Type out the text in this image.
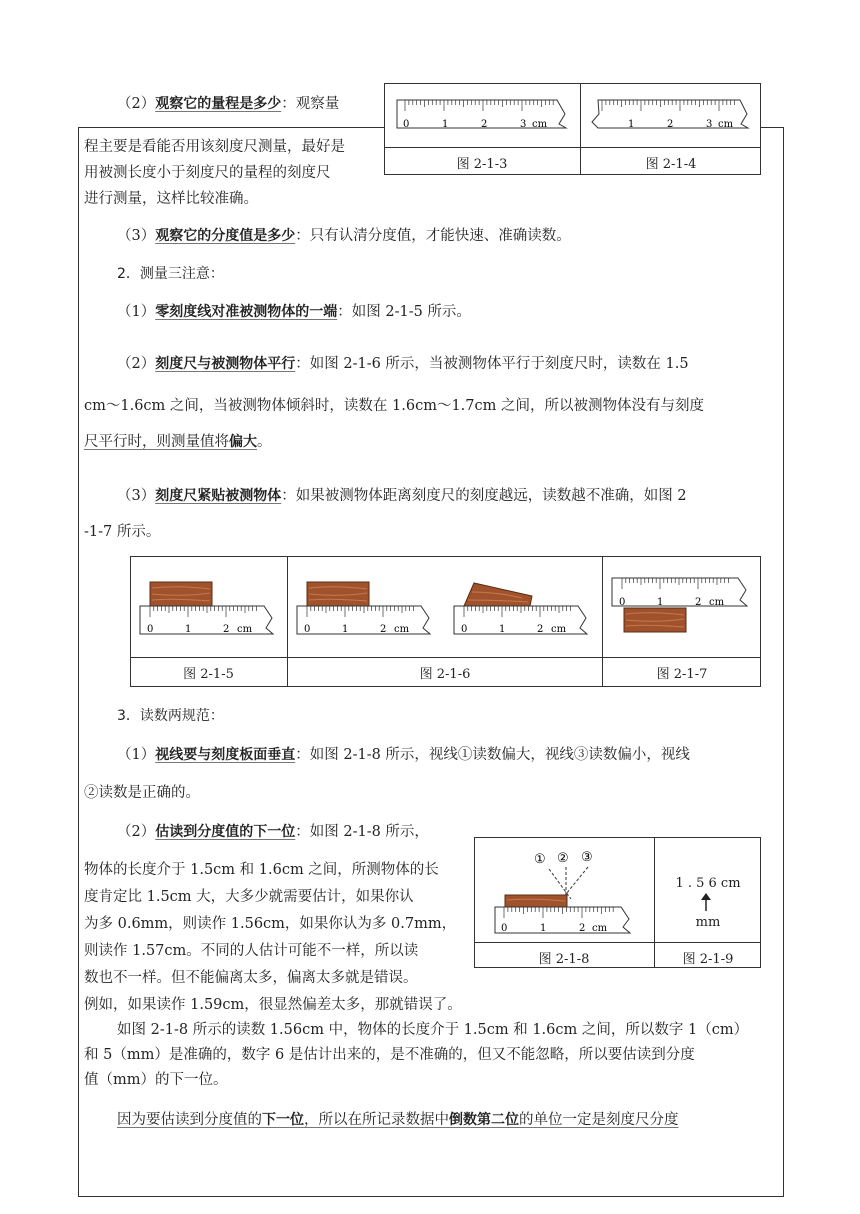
图 2-1-3	图 2-1-4
0	1	2	3 cm	1	2	3 cm
（2）观察它的量程是多少：观察量
程主要是看能否用该刻度尺测量，最好是
用被测长度小于刻度尺的量程的刻度尺
进行测量，这样比较准确。
（3）观察它的分度值是多少：只有认清分度值，才能快速、准确读数。
2．测量三注意：
（1）零刻度线对准被测物体的一端：如图 2-1-5 所示。
（2）刻度尺与被测物体平行：如图 2-1-6 所示，当被测物体平行于刻度尺时，读数在 1.5
cm～1.6cm 之间，当被测物体倾斜时，读数在 1.6cm～1.7cm 之间，所以被测物体没有与刻度
尺平行时，则测量值将偏大。
（3）刻度尺紧贴被测物体：如果被测物体距离刻度尺的刻度越远，读数越不准确，如图 2
-1-7 所示。
图 2-1-5	图 2-1-6	图 2-1-7
0	1	2 cm	0	1	2 cm	0	1	2 cm
0	1	2 cm
3．读数两规范：
（1）视线要与刻度板面垂直：如图 2-1-8 所示，视线①读数偏大，视线③读数偏小，视线
②读数是正确的。
（2）估读到分度值的下一位：如图 2-1-8 所示，
物体的长度介于 1.5cm 和 1.6cm 之间，所测物体的长
度肯定比 1.5cm 大，大多少就需要估计，如果你认
为多 0.6mm，则读作 1.56cm，如果你认为多 0.7mm，
则读作 1.57cm。不同的人估计可能不一样，所以读
数也不一样。但不能偏离太多，偏离太多就是错误。
例如，如果读作 1.59cm，很显然偏差太多，那就错误了。
图 2-1-8	图 2-1-9
① ② ③
0	1	2 cm
1 . 5 6 cm
mm
如图 2-1-8 所示的读数 1.56cm 中，物体的长度介于 1.5cm 和 1.6cm 之间，所以数字 1（cm）
和 5（mm）是准确的，数字 6 是估计出来的，是不准确的，但又不能忽略，所以要估读到分度
值（mm）的下一位。
因为要估读到分度值的下一位，所以在所记录数据中倒数第二位的单位一定是刻度尺分度
